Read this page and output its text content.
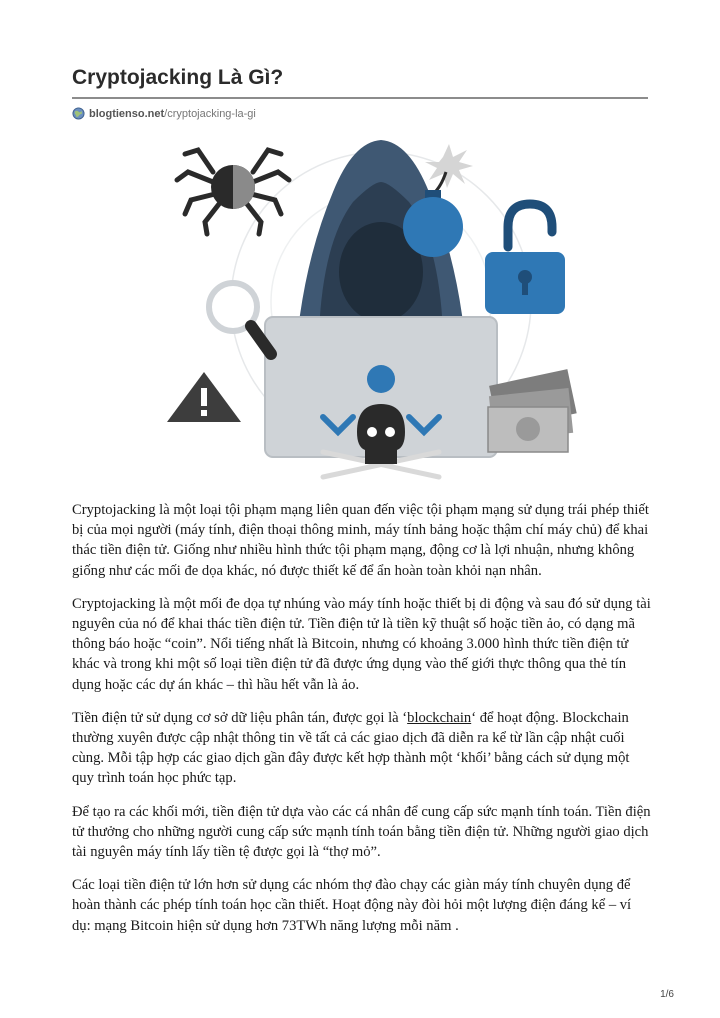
Cryptojacking Là Gì?
blogtienso.net/cryptojacking-la-gi

Cryptojacking là một loại tội phạm mạng liên quan đến việc tội phạm mạng sử dụng trái phép thiết bị của mọi người (máy tính, điện thoại thông minh, máy tính bảng hoặc thậm chí máy chủ) để khai thác tiền điện tử. Giống như nhiều hình thức tội phạm mạng, động cơ là lợi nhuận, nhưng không giống như các mối đe dọa khác, nó được thiết kế để ẩn hoàn toàn khỏi nạn nhân.

Cryptojacking là một mối đe dọa tự nhúng vào máy tính hoặc thiết bị di động và sau đó sử dụng tài nguyên của nó để khai thác tiền điện tử. Tiền điện tử là tiền kỹ thuật số hoặc tiền ảo, có dạng mã thông báo hoặc “coin”. Nổi tiếng nhất là Bitcoin, nhưng có khoảng 3.000 hình thức tiền điện tử khác và trong khi một số loại tiền điện tử đã được ứng dụng vào thế giới thực thông qua thẻ tín dụng hoặc các dự án khác – thì hầu hết vẫn là ảo.

Tiền điện tử sử dụng cơ sở dữ liệu phân tán, được gọi là ‘blockchain‘ để hoạt động. Blockchain thường xuyên được cập nhật thông tin về tất cả các giao dịch đã diễn ra kể từ lần cập nhật cuối cùng. Mỗi tập hợp các giao dịch gần đây được kết hợp thành một ‘khối’ bằng cách sử dụng một quy trình toán học phức tạp.

Để tạo ra các khối mới, tiền điện tử dựa vào các cá nhân để cung cấp sức mạnh tính toán. Tiền điện tử thưởng cho những người cung cấp sức mạnh tính toán bằng tiền điện tử. Những người giao dịch tài nguyên máy tính lấy tiền tệ được gọi là “thợ mỏ”.

Các loại tiền điện tử lớn hơn sử dụng các nhóm thợ đào chạy các giàn máy tính chuyên dụng để hoàn thành các phép tính toán học cần thiết. Hoạt động này đòi hỏi một lượng điện đáng kể – ví dụ: mạng Bitcoin hiện sử dụng hơn 73TWh năng lượng mỗi năm .

1/6
